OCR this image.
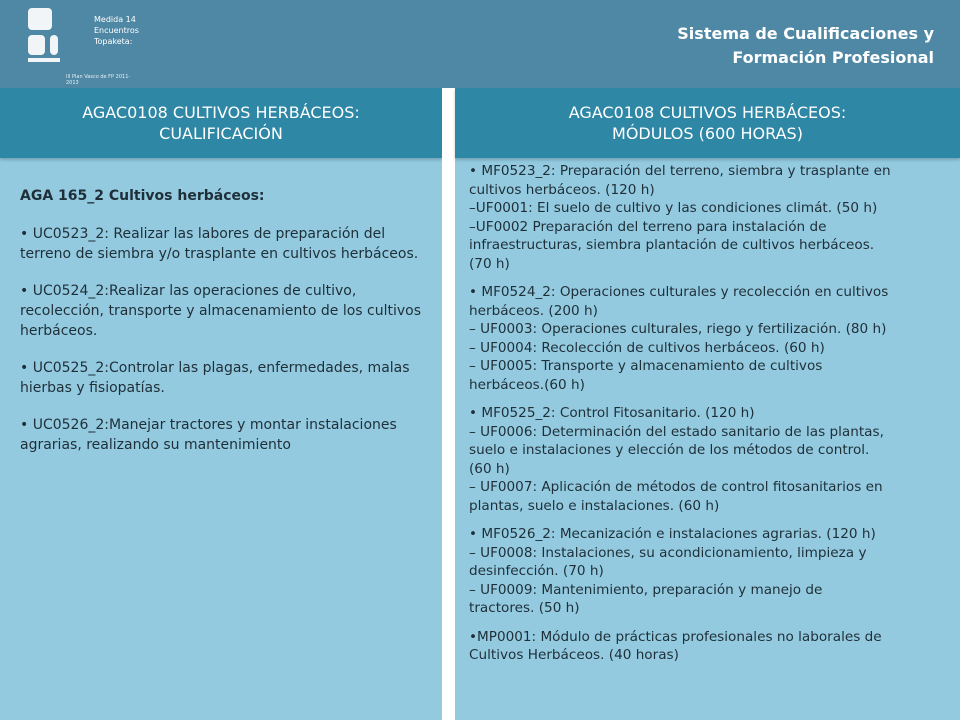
Medida 14
Encuentros
Topaketa:
III Plan Vasco de FP 2011-2013
Sistema de Cualificaciones y
Formación Profesional
AGAC0108 CULTIVOS HERBÁCEOS:
CUALIFICACIÓN
AGA 165_2 Cultivos herbáceos:
• UC0523_2: Realizar las labores de preparación del terreno de siembra y/o trasplante en cultivos herbáceos.
• UC0524_2:Realizar las operaciones de cultivo, recolección, transporte y almacenamiento de los cultivos herbáceos.
• UC0525_2:Controlar las plagas, enfermedades, malas hierbas y fisiopatías.
• UC0526_2:Manejar tractores y montar instalaciones agrarias, realizando su mantenimiento
AGAC0108 CULTIVOS HERBÁCEOS:
MÓDULOS (600 HORAS)
• MF0523_2: Preparación del terreno, siembra y trasplante en
cultivos herbáceos. (120 h)
–UF0001: El suelo de cultivo y las condiciones climát. (50 h)
–UF0002 Preparación del terreno para instalación de
infraestructuras, siembra plantación de cultivos herbáceos.
(70 h)
• MF0524_2: Operaciones culturales y recolección en cultivos
herbáceos. (200 h)
– UF0003: Operaciones culturales, riego y fertilización. (80 h)
– UF0004: Recolección de cultivos herbáceos. (60 h)
– UF0005: Transporte y almacenamiento de cultivos
herbáceos.(60 h)
• MF0525_2: Control Fitosanitario. (120 h)
– UF0006: Determinación del estado sanitario de las plantas,
suelo e instalaciones y elección de los métodos de control.
(60 h)
– UF0007: Aplicación de métodos de control fitosanitarios en
plantas, suelo e instalaciones. (60 h)
• MF0526_2: Mecanización e instalaciones agrarias. (120 h)
– UF0008: Instalaciones, su acondicionamiento, limpieza y
desinfección. (70 h)
– UF0009: Mantenimiento, preparación y manejo de
tractores. (50 h)
•MP0001: Módulo de prácticas profesionales no laborales de
Cultivos Herbáceos. (40 horas)
